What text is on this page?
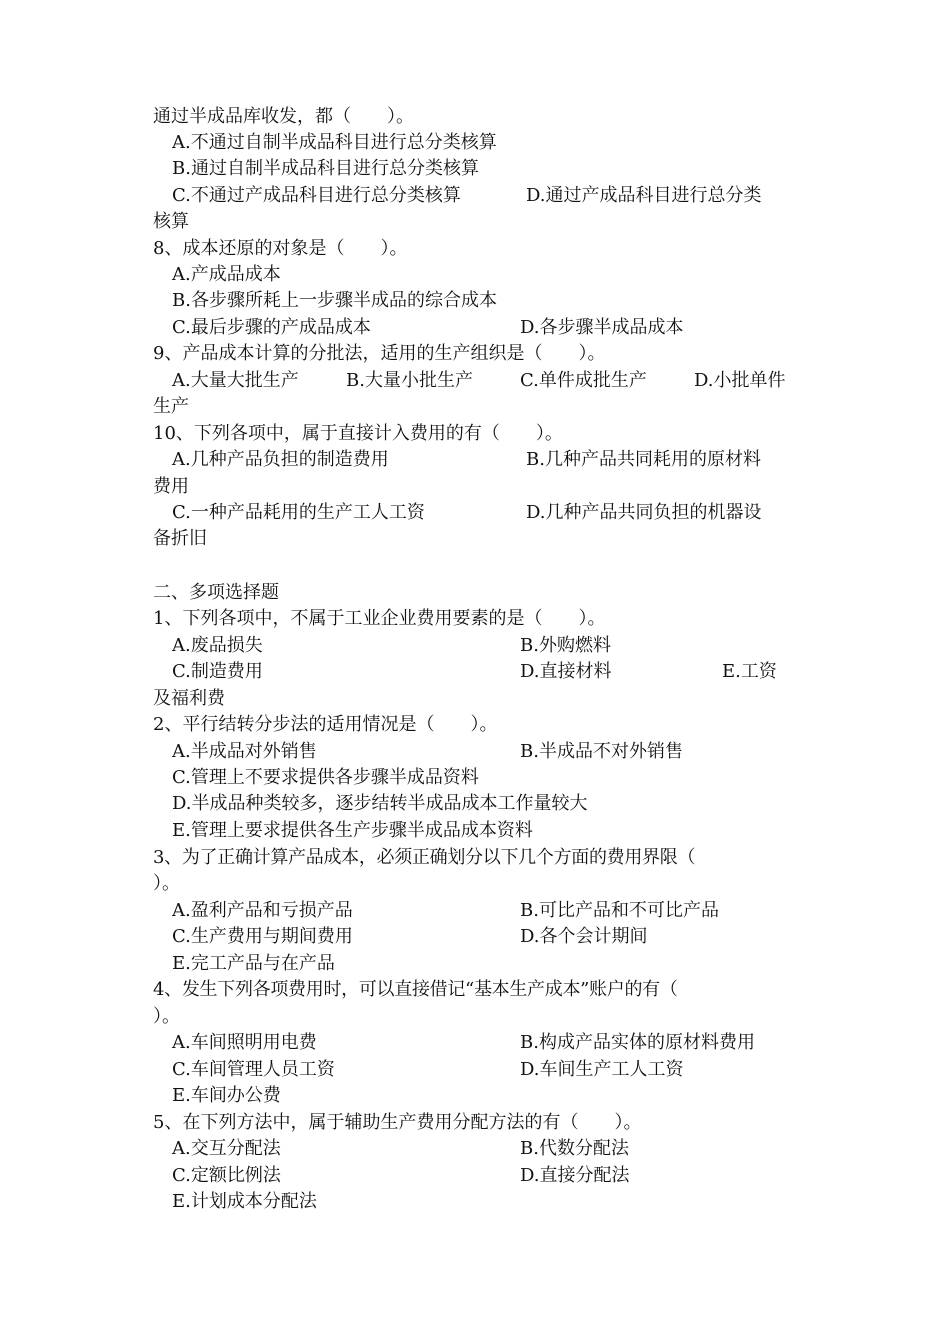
通过半成品库收发，都（　　）。
A.不通过自制半成品科目进行总分类核算
B.通过自制半成品科目进行总分类核算
C.不通过产成品科目进行总分类核算	D.通过产成品科目进行总分类
核算
8、成本还原的对象是（　　）。
A.产成品成本
B.各步骤所耗上一步骤半成品的综合成本
C.最后步骤的产成品成本	D.各步骤半成品成本
9、产品成本计算的分批法，适用的生产组织是（　　）。
A.大量大批生产	B.大量小批生产	C.单件成批生产	D.小批单件
生产
10、下列各项中，属于直接计入费用的有（　　）。
A.几种产品负担的制造费用	B.几种产品共同耗用的原材料
费用
C.一种产品耗用的生产工人工资	D.几种产品共同负担的机器设
备折旧
二、多项选择题
1、下列各项中，不属于工业企业费用要素的是（　　）。
A.废品损失	B.外购燃料
C.制造费用	D.直接材料	E.工资
及福利费
2、平行结转分步法的适用情况是（　　）。
A.半成品对外销售	B.半成品不对外销售
C.管理上不要求提供各步骤半成品资料
D.半成品种类较多，逐步结转半成品成本工作量较大
E.管理上要求提供各生产步骤半成品成本资料
3、为了正确计算产品成本，必须正确划分以下几个方面的费用界限（
）。
A.盈利产品和亏损产品	B.可比产品和不可比产品
C.生产费用与期间费用	D.各个会计期间
E.完工产品与在产品
4、发生下列各项费用时，可以直接借记“基本生产成本”账户的有（
）。
A.车间照明用电费	B.构成产品实体的原材料费用
C.车间管理人员工资	D.车间生产工人工资
E.车间办公费
5、在下列方法中，属于辅助生产费用分配方法的有（　　）。
A.交互分配法	B.代数分配法
C.定额比例法	D.直接分配法
E.计划成本分配法
